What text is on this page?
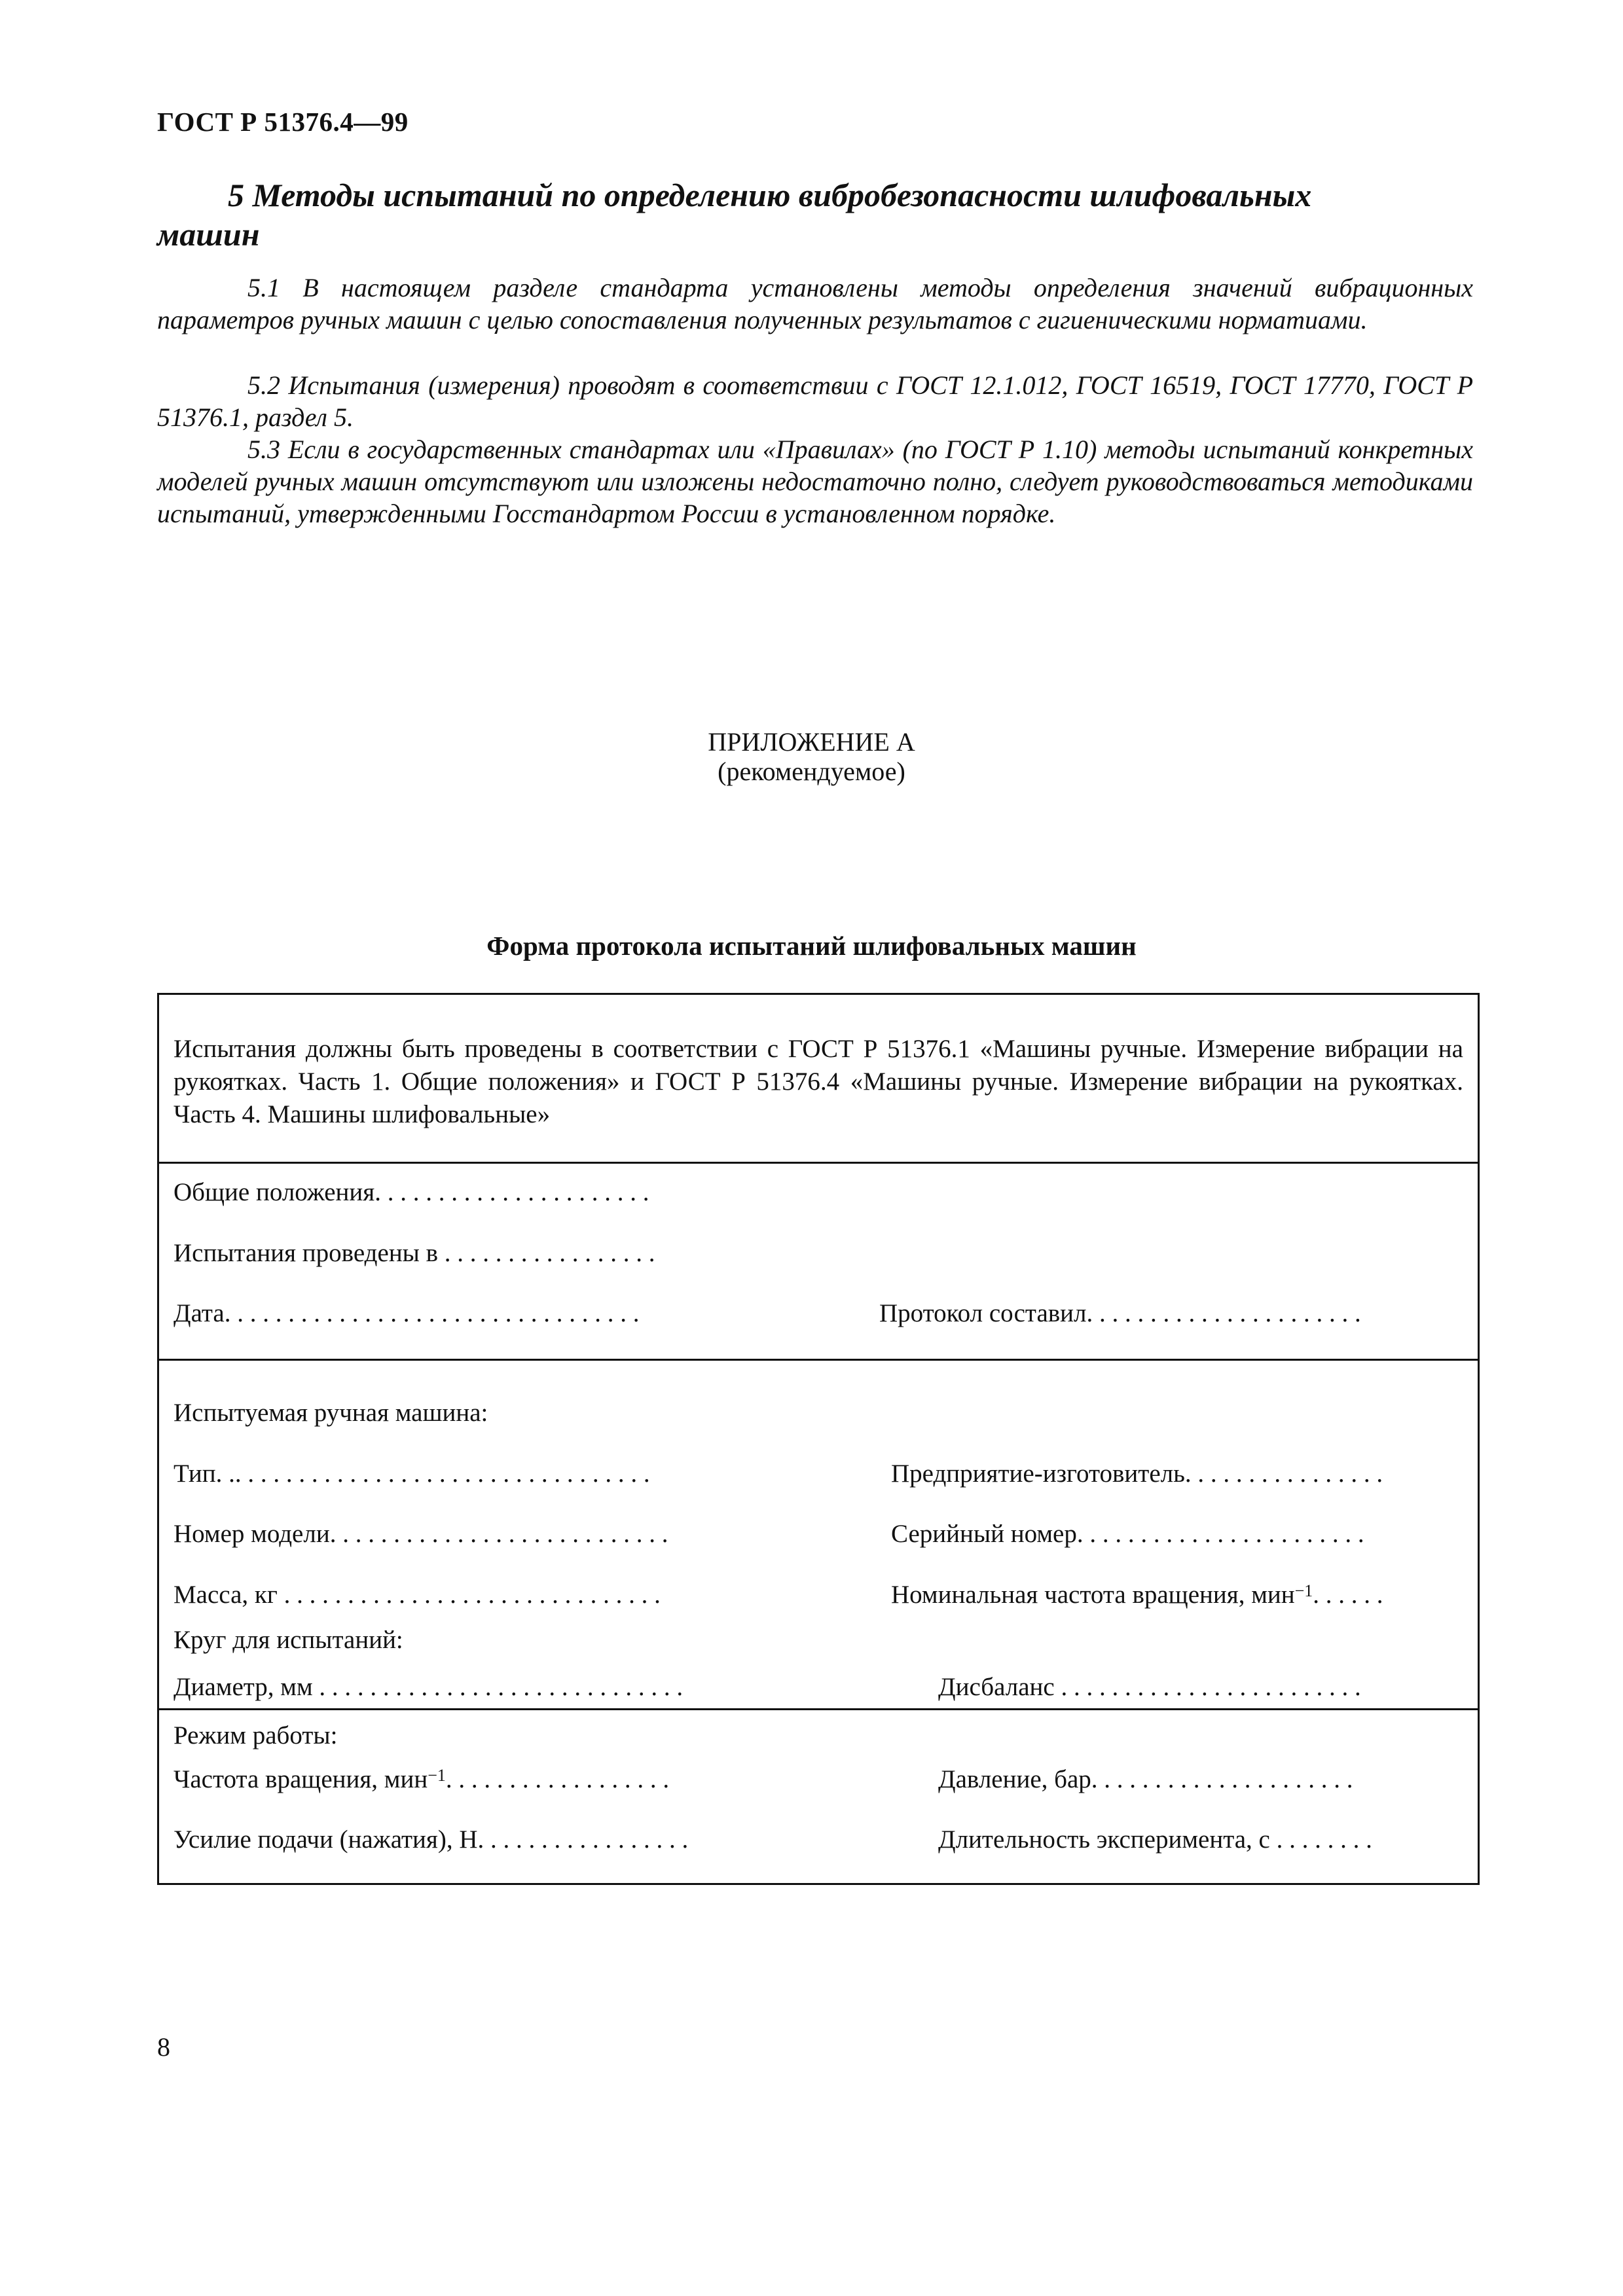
ГОСТ Р 51376.4—99
5 Методы испытаний по определению вибробезопасности шлифовальных
машин
5.1 В настоящем разделе стандарта установлены методы определения значений вибрационных параметров ручных машин с целью сопоставления полученных результатов с гигиеническими норматиами.
5.2 Испытания (измерения) проводят в соответствии с ГОСТ 12.1.012, ГОСТ 16519, ГОСТ 17770, ГОСТ Р 51376.1, раздел 5.
5.3 Если в государственных стандартах или «Правилах» (по ГОСТ Р 1.10) методы испытаний конкретных моделей ручных машин отсутствуют или изложены недостаточно полно, следует руководствоваться методиками испытаний, утвержденными Госстандартом России в установленном порядке.
ПРИЛОЖЕНИЕ А
(рекомендуемое)
Форма протокола испытаний шлифовальных машин
Испытания должны быть проведены в соответствии с ГОСТ Р 51376.1 «Машины ручные. Измерение вибрации на рукоятках. Часть 1. Общие положения» и ГОСТ Р 51376.4 «Машины ручные. Измерение вибрации на рукоятках. Часть 4. Машины шлифовальные»
Общие положения. . . . . . . . . . . . . . . . . . . . . .
Испытания проведены в . . . . . . . . . . . . . . . . .
Дата. . . . . . . . . . . . . . . . . . . . . . . . . . . . . . . . .	Протокол составил. . . . . . . . . . . . . . . . . . . . . .
Испытуемая ручная машина:
Тип. .. . . . . . . . . . . . . . . . . . . . . . . . . . . . . . . . .	Предприятие-изготовитель. . . . . . . . . . . . . . . .
Номер модели. . . . . . . . . . . . . . . . . . . . . . . . . . .	Серийный номер. . . . . . . . . . . . . . . . . . . . . . .
Масса, кг . . . . . . . . . . . . . . . . . . . . . . . . . . . . . .	Номинальная частота вращения, мин$^{-1}$. . . . . .
Круг для испытаний:
Диаметр, мм . . . . . . . . . . . . . . . . . . . . . . . . . . . . .	Дисбаланс . . . . . . . . . . . . . . . . . . . . . . . .
Режим работы:
Частота вращения, мин$^{-1}$. . . . . . . . . . . . . . . . . .	Давление, бар. . . . . . . . . . . . . . . . . . . . .
Усилие подачи (нажатия), Н. . . . . . . . . . . . . . . . .	Длительность эксперимента, с . . . . . . . .
8
